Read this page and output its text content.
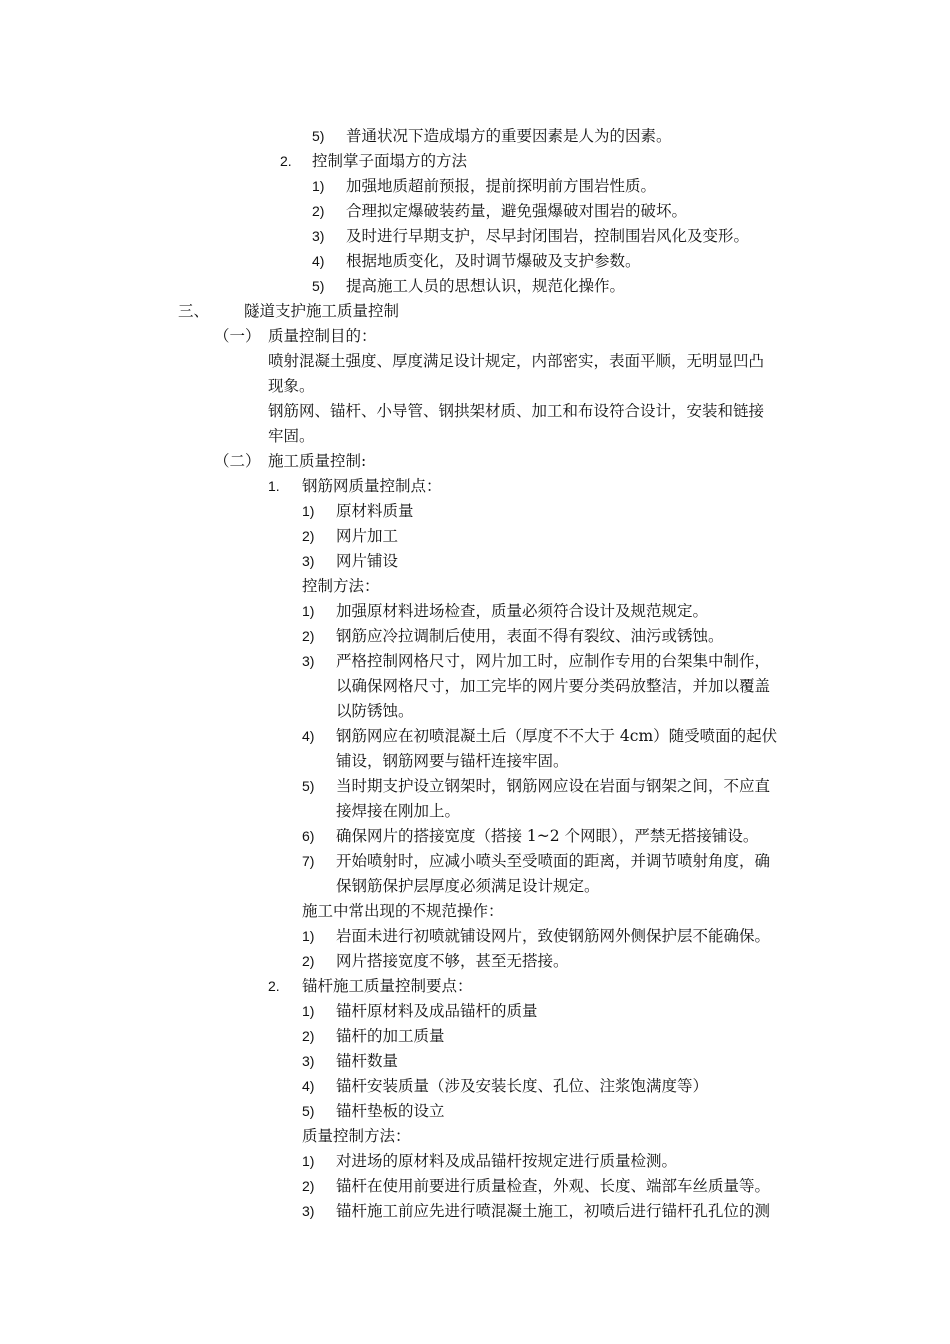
5) 普通状况下造成塌方的重要因素是人为的因素。
2. 控制掌子面塌方的方法
1) 加强地质超前预报，提前探明前方围岩性质。
2) 合理拟定爆破装药量，避免强爆破对围岩的破坏。
3) 及时进行早期支护，尽早封闭围岩，控制围岩风化及变形。
4) 根据地质变化，及时调节爆破及支护参数。
5) 提高施工人员的思想认识，规范化操作。
三、 隧道支护施工质量控制
（一） 质量控制目的：
喷射混凝土强度、厚度满足设计规定，内部密实，表面平顺，无明显凹凸
现象。
钢筋网、锚杆、小导管、钢拱架材质、加工和布设符合设计，安装和链接
牢固。
（二） 施工质量控制:
1. 钢筋网质量控制点：
1) 原材料质量
2) 网片加工
3) 网片铺设
控制方法：
1) 加强原材料进场检查，质量必须符合设计及规范规定。
2) 钢筋应冷拉调制后使用，表面不得有裂纹、油污或锈蚀。
3) 严格控制网格尺寸，网片加工时，应制作专用的台架集中制作，
以确保网格尺寸，加工完毕的网片要分类码放整洁，并加以覆盖
以防锈蚀。
4) 钢筋网应在初喷混凝土后（厚度不不大于 4cm）随受喷面的起伏
铺设，钢筋网要与锚杆连接牢固。
5) 当时期支护设立钢架时，钢筋网应设在岩面与钢架之间，不应直
接焊接在刚加上。
6) 确保网片的搭接宽度（搭接 1~2 个网眼），严禁无搭接铺设。
7) 开始喷射时，应减小喷头至受喷面的距离，并调节喷射角度，确
保钢筋保护层厚度必须满足设计规定。
施工中常出现的不规范操作：
1) 岩面未进行初喷就铺设网片，致使钢筋网外侧保护层不能确保。
2) 网片搭接宽度不够，甚至无搭接。
2. 锚杆施工质量控制要点：
1) 锚杆原材料及成品锚杆的质量
2) 锚杆的加工质量
3) 锚杆数量
4) 锚杆安装质量（涉及安装长度、孔位、注浆饱满度等）
5) 锚杆垫板的设立
质量控制方法：
1) 对进场的原材料及成品锚杆按规定进行质量检测。
2) 锚杆在使用前要进行质量检查，外观、长度、端部车丝质量等。
3) 锚杆施工前应先进行喷混凝土施工，初喷后进行锚杆孔孔位的测
